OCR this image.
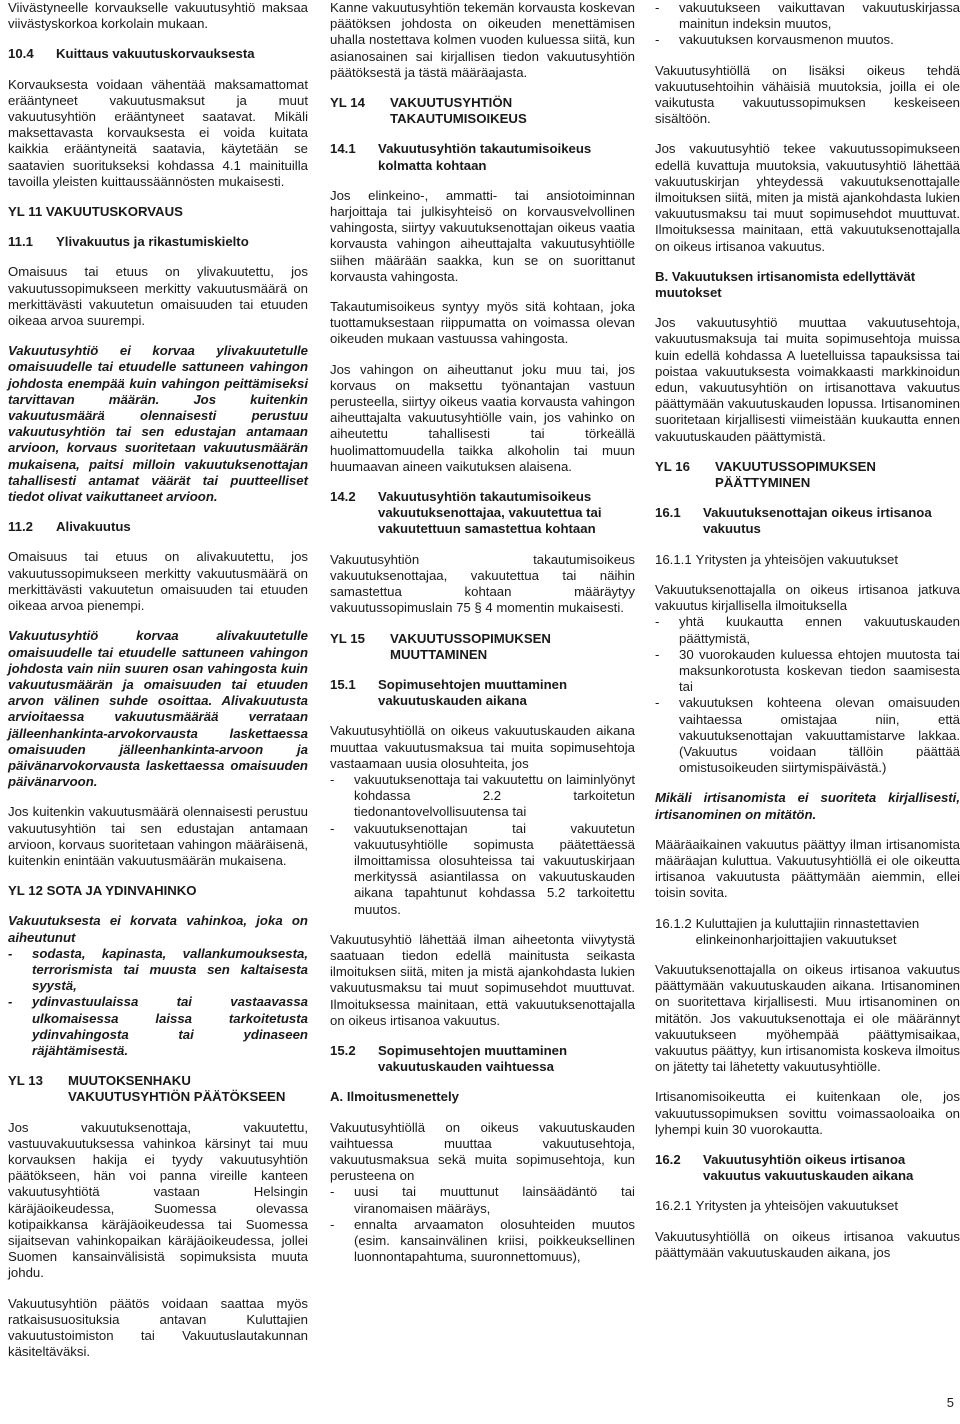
Viivästyneelle korvaukselle vakuutusyhtiö maksaa viivästyskorkoa korkolain mukaan.

10.4	Kuittaus vakuutuskorvauksesta

Korvauksesta voidaan vähentää maksamattomat erääntyneet vakuutusmaksut ja muut vakuutusyhtiön erääntyneet saatavat. Mikäli maksettavasta korvauksesta ei voida kuitata kaikkia erääntyneitä saatavia, käytetään se saatavien suoritukseksi kohdassa 4.1 mainituilla tavoilla yleisten kuittaussäännösten mukaisesti.

YL 11 VAKUUTUSKORVAUS
11.1	Ylivakuutus ja rikastumiskielto

Omaisuus tai etuus on ylivakuutettu, jos vakuutussopimukseen merkitty vakuutusmäärä on merkittävästi vakuutetun omaisuuden tai etuuden oikeaa arvoa suurempi.

Vakuutusyhtiö ei korvaa ylivakuutetulle omaisuudelle tai etuudelle sattuneen vahingon johdosta enempää kuin vahingon peittämiseksi tarvittavan määrän. Jos kuitenkin vakuutusmäärä olennaisesti perustuu vakuutusyhtiön tai sen edustajan antamaan arvioon, korvaus suoritetaan vakuutusmäärän mukaisena, paitsi milloin vakuutuksenottajan tahallisesti antamat väärät tai puutteelliset tiedot olivat vaikuttaneet arvioon.

11.2	Alivakuutus

Omaisuus tai etuus on alivakuutettu, jos vakuutussopimukseen merkitty vakuutusmäärä on merkittävästi vakuutetun omaisuuden tai etuuden oikeaa arvoa pienempi.

Vakuutusyhtiö korvaa alivakuutetulle omaisuudelle tai etuudelle sattuneen vahingon johdosta vain niin suuren osan vahingosta kuin vakuutusmäärän ja omaisuuden tai etuuden arvon välinen suhde osoittaa. Alivakuutusta arvioitaessa vakuutusmäärää verrataan jälleenhankinta-arvokorvausta laskettaessa omaisuuden jälleenhankinta-arvoon ja päivänarvokorvausta laskettaessa omaisuuden päivänarvoon.

Jos kuitenkin vakuutusmäärä olennaisesti perustuu vakuutusyhtiön tai sen edustajan antamaan arvioon, korvaus suoritetaan vahingon määräisenä, kuitenkin enintään vakuutusmäärän mukaisena.

YL 12 SOTA JA YDINVAHINKO

Vakuutuksesta ei korvata vahinkoa, joka on aiheutunut

-	sodasta, kapinasta, vallankumouksesta, terrorismista tai muusta sen kaltaisesta syystä,
-	ydinvastuulaissa tai vastaavassa ulkomaisessa laissa tarkoitetusta ydinvahingosta tai ydinaseen räjähtämisestä.
YL 13	MUUTOKSENHAKU VAKUUTUSYHTIÖN PÄÄTÖKSEEN

Jos vakuutuksenottaja, vakuutettu, vastuuvakuutuksessa vahinkoa kärsinyt tai muu korvauksen hakija ei tyydy vakuutusyhtiön päätökseen, hän voi panna vireille kanteen vakuutusyhtiötä vastaan Helsingin käräjäoikeudessa, Suomessa olevassa kotipaikkansa käräjäoikeudessa tai Suomessa sijaitsevan vahinkopaikan käräjäoikeudessa, jollei Suomen kansainvälisistä sopimuksista muuta johdu.

Vakuutusyhtiön päätös voidaan saattaa myös ratkaisusuosituksia antavan Kuluttajien vakuutustoimiston tai Vakuutuslautakunnan käsiteltäväksi.

Kanne vakuutusyhtiön tekemän korvausta koskevan päätöksen johdosta on oikeuden menettämisen uhalla nostettava kolmen vuoden kuluessa siitä, kun asianosainen sai kirjallisen tiedon vakuutusyhtiön päätöksestä ja tästä määräajasta.

YL 14	VAKUUTUSYHTIÖN TAKAUTUMISOIKEUS
14.1	Vakuutusyhtiön takautumisoikeus kolmatta kohtaan

Jos elinkeino-, ammatti- tai ansiotoiminnan harjoittaja tai julkisyhteisö on korvausvelvollinen vahingosta, siirtyy vakuutuksenottajan oikeus vaatia korvausta vahingon aiheuttajalta vakuutusyhtiölle siihen määrään saakka, kun se on suorittanut korvausta vahingosta.

Takautumisoikeus syntyy myös sitä kohtaan, joka tuottamuksestaan riippumatta on voimassa olevan oikeuden mukaan vastuussa vahingosta.

Jos vahingon on aiheuttanut joku muu tai, jos korvaus on maksettu työnantajan vastuun perusteella, siirtyy oikeus vaatia korvausta vahingon aiheuttajalta vakuutusyhtiölle vain, jos vahinko on aiheutettu tahallisesti tai törkeällä huolimattomuudella taikka alkoholin tai muun huumaavan aineen vaikutuksen alaisena.

14.2	Vakuutusyhtiön takautumisoikeus vakuutuksenottajaa, vakuutettua tai vakuutettuun samastettua kohtaan

Vakuutusyhtiön takautumisoikeus vakuutuksenottajaa, vakuutettua tai näihin samastettua kohtaan määräytyy vakuutussopimuslain 75 § 4 momentin mukaisesti.

YL 15	VAKUUTUSSOPIMUKSEN MUUTTAMINEN
15.1	Sopimusehtojen muuttaminen vakuutuskauden aikana

Vakuutusyhtiöllä on oikeus vakuutuskauden aikana muuttaa vakuutusmaksua tai muita sopimusehtoja vastaamaan uusia olosuhteita, jos

-	vakuutuksenottaja tai vakuutettu on laiminlyönyt kohdassa 2.2 tarkoitetun tiedonantovelvollisuutensa tai
-	vakuutuksenottajan tai vakuutetun vakuutusyhtiölle sopimusta päätettäessä ilmoittamissa olosuhteissa tai vakuutuskirjaan merkityssä asiantilassa on vakuutuskauden aikana tapahtunut kohdassa 5.2 tarkoitettu muutos.

Vakuutusyhtiö lähettää ilman aiheetonta viivytystä saatuaan tiedon edellä mainitusta seikasta ilmoituksen siitä, miten ja mistä ajankohdasta lukien vakuutusmaksu tai muut sopimusehdot muuttuvat. Ilmoituksessa mainitaan, että vakuutuksenottajalla on oikeus irtisanoa vakuutus.

15.2	Sopimusehtojen muuttaminen vakuutuskauden vaihtuessa
A. Ilmoitusmenettely

Vakuutusyhtiöllä on oikeus vakuutuskauden vaihtuessa muuttaa vakuutusehtoja, vakuutusmaksua sekä muita sopimusehtoja, kun perusteena on

-	uusi tai muuttunut lainsäädäntö tai viranomaisen määräys,
-	ennalta arvaamaton olosuhteiden muutos (esim. kansainvälinen kriisi, poikkeuksellinen luonnontapahtuma, suuronnettomuus),
-	vakuutukseen vaikuttavan vakuutuskirjassa mainitun indeksin muutos,
-	vakuutuksen korvausmenon muutos.

Vakuutusyhtiöllä on lisäksi oikeus tehdä vakuutusehtoihin vähäisiä muutoksia, joilla ei ole vaikutusta vakuutussopimuksen keskeiseen sisältöön.

Jos vakuutusyhtiö tekee vakuutussopimukseen edellä kuvattuja muutoksia, vakuutusyhtiö lähettää vakuutuskirjan yhteydessä vakuutuksenottajalle ilmoituksen siitä, miten ja mistä ajankohdasta lukien vakuutusmaksu tai muut sopimusehdot muuttuvat. Ilmoituksessa mainitaan, että vakuutuksenottajalla on oikeus irtisanoa vakuutus.

B. Vakuutuksen irtisanomista edellyttävät muutokset

Jos vakuutusyhtiö muuttaa vakuutusehtoja, vakuutusmaksuja tai muita sopimusehtoja muissa kuin edellä kohdassa A luetelluissa tapauksissa tai poistaa vakuutuksesta voimakkaasti markkinoidun edun, vakuutusyhtiön on irtisanottava vakuutus päättymään vakuutuskauden lopussa. Irtisanominen suoritetaan kirjallisesti viimeistään kuukautta ennen vakuutuskauden päättymistä.

YL 16	VAKUUTUSSOPIMUKSEN PÄÄTTYMINEN
16.1	Vakuutuksenottajan oikeus irtisanoa vakuutus
16.1.1 Yritysten ja yhteisöjen vakuutukset

Vakuutuksenottajalla on oikeus irtisanoa jatkuva vakuutus kirjallisella ilmoituksella

-	yhtä kuukautta ennen vakuutuskauden päättymistä,
-	30 vuorokauden kuluessa ehtojen muutosta tai maksunkorotusta koskevan tiedon saamisesta tai
-	vakuutuksen kohteena olevan omaisuuden vaihtaessa omistajaa niin, että vakuutuksenottajan vakuuttamistarve lakkaa. (Vakuutus voidaan tällöin päättää omistusoikeuden siirtymispäivästä.)

Mikäli irtisanomista ei suoriteta kirjallisesti, irtisanominen on mitätön.

Määräaikainen vakuutus päättyy ilman irtisanomista määräajan kuluttua. Vakuutusyhtiöllä ei ole oikeutta irtisanoa vakuutusta päättymään aiemmin, ellei toisin sovita.

16.1.2 Kuluttajien ja kuluttajiin rinnastettavien elinkeinonharjoittajien vakuutukset

Vakuutuksenottajalla on oikeus irtisanoa vakuutus päättymään vakuutuskauden aikana. Irtisanominen on suoritettava kirjallisesti. Muu irtisanominen on mitätön. Jos vakuutuksenottaja ei ole määrännyt vakuutukseen myöhempää päättymisaikaa, vakuutus päättyy, kun irtisanomista koskeva ilmoitus on jätetty tai lähetetty vakuutusyhtiölle.

Irtisanomisoikeutta ei kuitenkaan ole, jos vakuutussopimuksen sovittu voimassaoloaika on lyhempi kuin 30 vuorokautta.

16.2	Vakuutusyhtiön oikeus irtisanoa vakuutus vakuutuskauden aikana
16.2.1 Yritysten ja yhteisöjen vakuutukset

Vakuutusyhtiöllä on oikeus irtisanoa vakuutus päättymään vakuutuskauden aikana, jos

5
